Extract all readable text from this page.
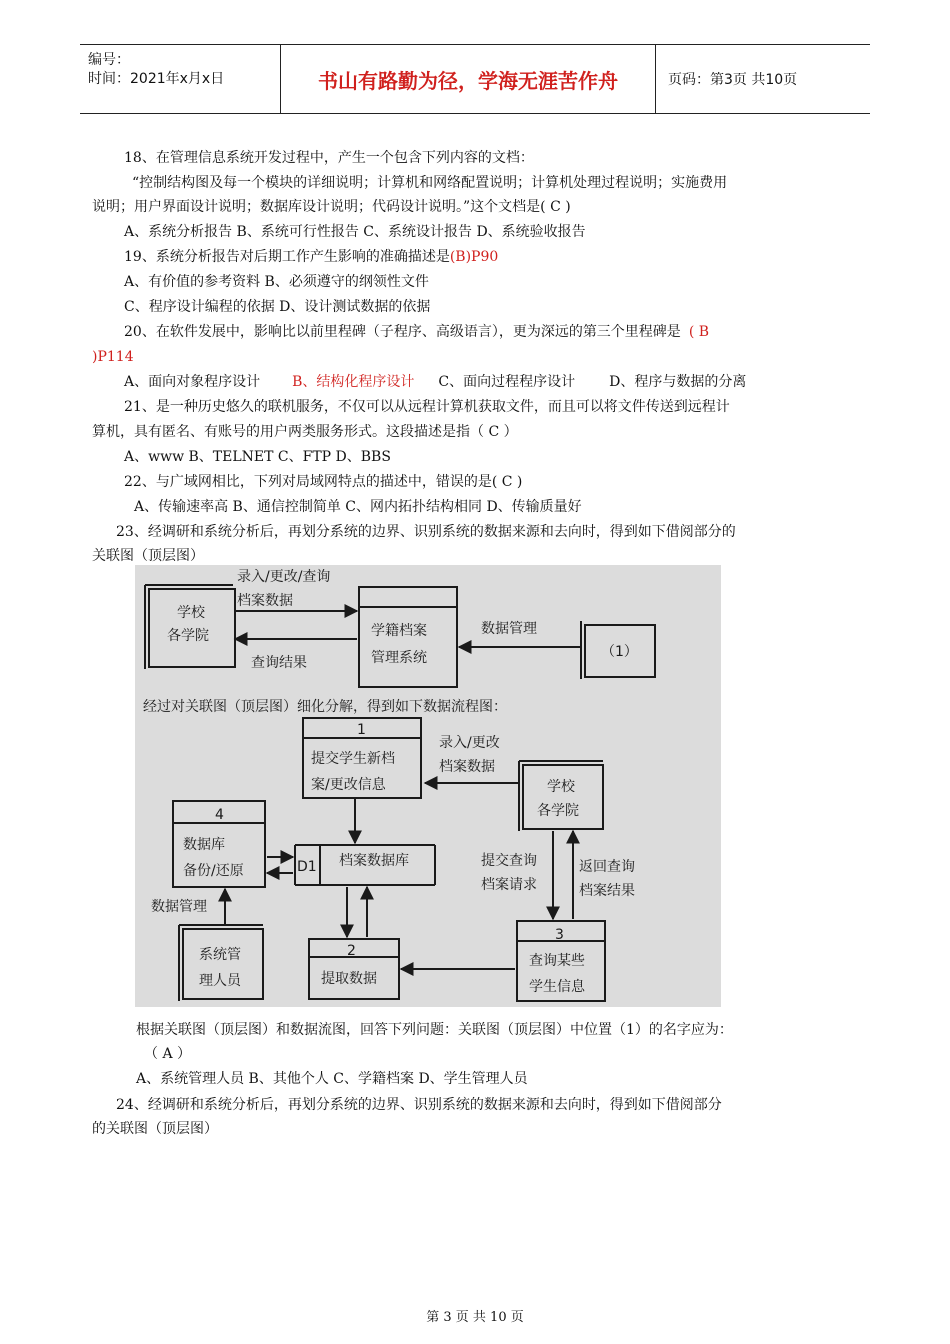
编号：
时间：2021年x月x日	书山有路勤为径，学海无涯苦作舟	页码：第3页 共10页
18、在管理信息系统开发过程中，产生一个包含下列内容的文档：
“控制结构图及每一个模块的详细说明；计算机和网络配置说明；计算机处理过程说明；实施费用
说明；用户界面设计说明；数据库设计说明；代码设计说明。”这个文档是( C )
A、系统分析报告 B、系统可行性报告 C、系统设计报告 D、系统验收报告
19、系统分析报告对后期工作产生影响的准确描述是(B)P90
A、有价值的参考资料 B、必须遵守的纲领性文件
C、程序设计编程的依据 D、设计测试数据的依据
20、在软件发展中，影响比以前里程碑（子程序、高级语言），更为深远的第三个里程碑是 ( B
)P114
A、面向对象程序设计 B、结构化程序设计 C、面向过程程序设计 D、程序与数据的分离
21、是一种历史悠久的联机服务，不仅可以从远程计算机获取文件，而且可以将文件传送到远程计
算机，具有匿名、有账号的用户两类服务形式。这段描述是指（ C ）
A、www B、TELNET C、FTP D、BBS
22、与广域网相比，下列对局域网特点的描述中，错误的是( C )
A、传输速率高 B、通信控制简单 C、网内拓扑结构相同 D、传输质量好
23、经调研和系统分析后，再划分系统的边界、识别系统的数据来源和去向时，得到如下借阅部分的
关联图（顶层图）
学校
各学院
录入/更改/查询
档案数据
查询结果
学籍档案
管理系统
数据管理
（1）
经过对关联图（顶层图）细化分解，得到如下数据流程图：
1
提交学生新档
案/更改信息
录入/更改
档案数据
学校
各学院
4
数据库
备份/还原	D1 档案数据库	提交查询
档案请求
返回查询
档案结果
数据管理
系统管
理人员
2
提取数据
3
查询某些
学生信息
根据关联图（顶层图）和数据流图，回答下列问题：关联图（顶层图）中位置（1）的名字应为：
（ A ）
A、系统管理人员 B、其他个人 C、学籍档案 D、学生管理人员
24、经调研和系统分析后，再划分系统的边界、识别系统的数据来源和去向时，得到如下借阅部分
的关联图（顶层图）
第 3 页 共 10 页
